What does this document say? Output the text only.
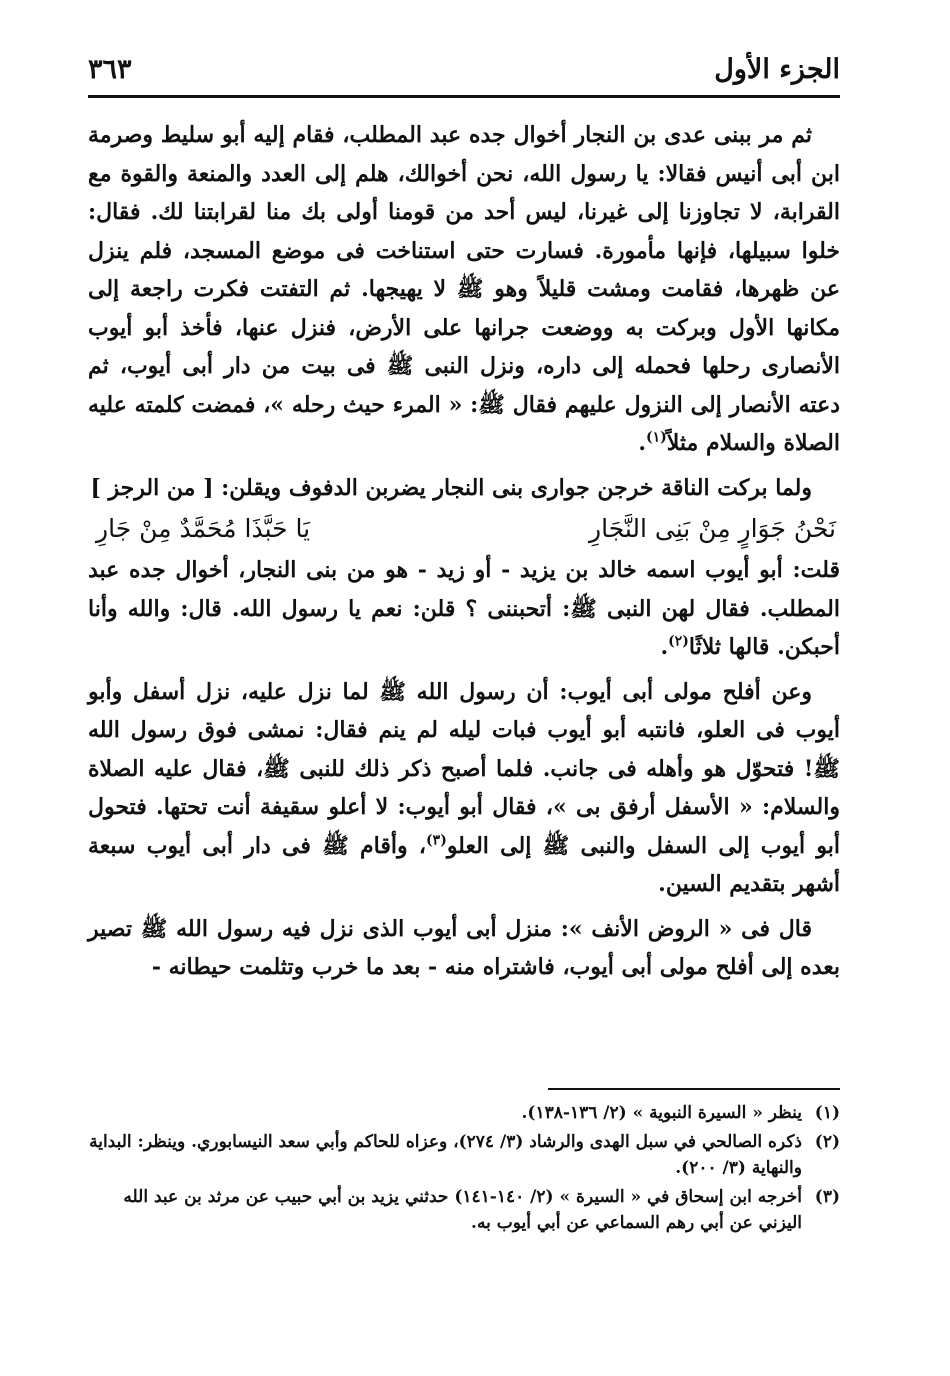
الجزء الأول
٣٦٣

ثم مر ببنى عدى بن النجار أخوال جده عبد المطلب، فقام إليه أبو سليط وصرمة ابن أبى أنيس فقالا: يا رسول الله، نحن أخوالك، هلم إلى العدد والمنعة والقوة مع القرابة، لا تجاوزنا إلى غيرنا، ليس أحد من قومنا أولى بك منا لقرابتنا لك. فقال: خلوا سبيلها، فإنها مأمورة. فسارت حتى استناخت فى موضع المسجد، فلم ينزل عن ظهرها، فقامت ومشت قليلاً وهو ﷺ لا يهيجها. ثم التفتت فكرت راجعة إلى مكانها الأول وبركت به ووضعت جرانها على الأرض، فنزل عنها، فأخذ أبو أيوب الأنصارى رحلها فحمله إلى داره، ونزل النبى ﷺ فى بيت من دار أبى أيوب، ثم دعته الأنصار إلى النزول عليهم فقال ﷺ: « المرء حيث رحله »، فمضت كلمته عليه الصلاة والسلام مثلاً$^{(١)}$.

ولما بركت الناقة خرجن جوارى بنى النجار يضربن الدفوف ويقلن: [ من الرجز ]

نَحْنُ جَوَارٍ مِنْ بَنِى النَّجَارِ
يَا حَبَّذَا مُحَمَّدٌ مِنْ جَارِ

قلت: أبو أيوب اسمه خالد بن يزيد - أو زيد - هو من بنى النجار، أخوال جده عبد المطلب. فقال لهن النبى ﷺ: أتحبننى ؟ قلن: نعم يا رسول الله. قال: والله وأنا أحبكن. قالها ثلاثًا$^{(٢)}$.

وعن أفلح مولى أبى أيوب: أن رسول الله ﷺ لما نزل عليه، نزل أسفل وأبو أيوب فى العلو، فانتبه أبو أيوب فبات ليله لم ينم فقال: نمشى فوق رسول الله ﷺ! فتحوّل هو وأهله فى جانب. فلما أصبح ذكر ذلك للنبى ﷺ، فقال عليه الصلاة والسلام: « الأسفل أرفق بى »، فقال أبو أيوب: لا أعلو سقيفة أنت تحتها. فتحول أبو أيوب إلى السفل والنبى ﷺ إلى العلو$^{(٣)}$، وأقام ﷺ فى دار أبى أيوب سبعة أشهر بتقديم السين.

قال فى « الروض الأنف »: منزل أبى أيوب الذى نزل فيه رسول الله ﷺ تصير بعده إلى أفلح مولى أبى أيوب، فاشتراه منه - بعد ما خرب وتثلمت حيطانه -

(١)
ينظر « السيرة النبوية » (٢/ ١٣٦-١٣٨).
(٢)
ذكره الصالحي في سبل الهدى والرشاد (٣/ ٢٧٤)، وعزاه للحاكم وأبي سعد النيسابوري. وينظر: البداية والنهاية (٣/ ٢٠٠).
(٣)
أخرجه ابن إسحاق في « السيرة » (٢/ ١٤٠-١٤١) حدثني يزيد بن أبي حبيب عن مرثد بن عبد الله اليزني عن أبي رهم السماعي عن أبي أيوب به.
